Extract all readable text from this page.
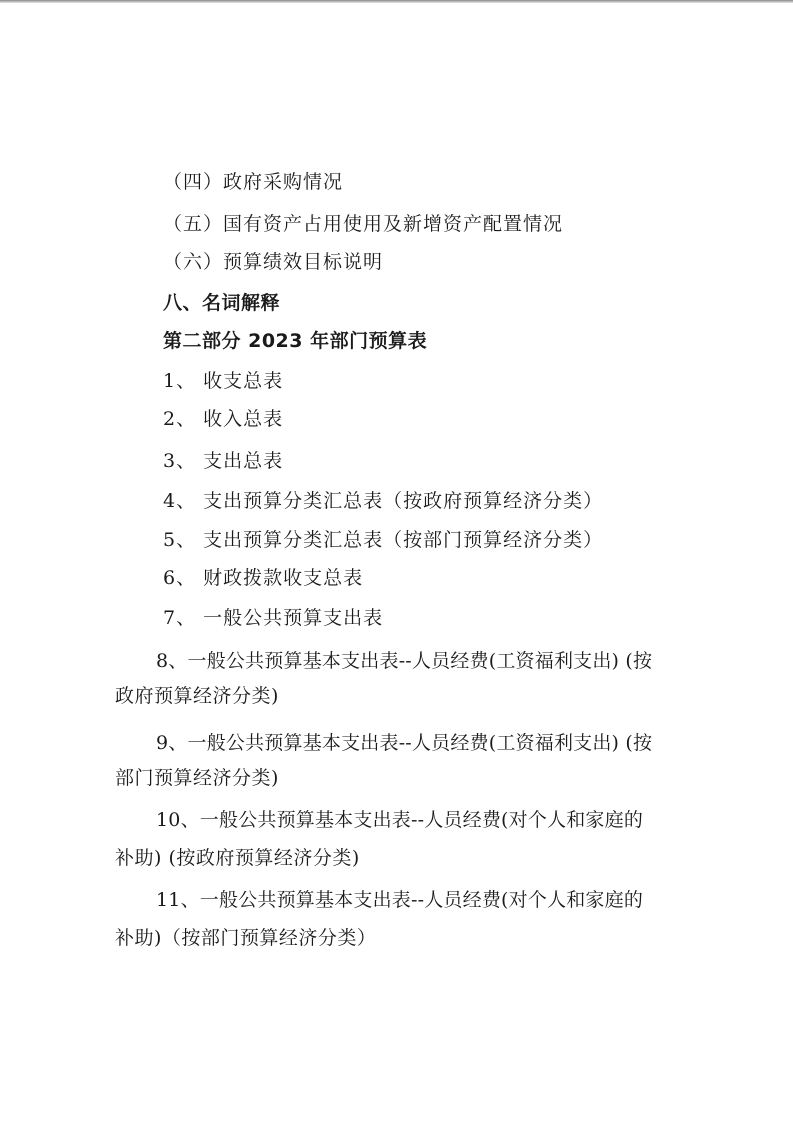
（四）政府采购情况
（五）国有资产占用使用及新增资产配置情况
（六）预算绩效目标说明
八、名词解释
第二部分 2023 年部门预算表
1、 收支总表
2、 收入总表
3、 支出总表
4、 支出预算分类汇总表（按政府预算经济分类）
5、 支出预算分类汇总表（按部门预算经济分类）
6、 财政拨款收支总表
7、 一般公共预算支出表
8、一般公共预算基本支出表--人员经费(工资福利支出) (按
政府预算经济分类)
9、一般公共预算基本支出表--人员经费(工资福利支出) (按
部门预算经济分类)
10、一般公共预算基本支出表--人员经费(对个人和家庭的
补助) (按政府预算经济分类)
11、一般公共预算基本支出表--人员经费(对个人和家庭的
补助)（按部门预算经济分类）
